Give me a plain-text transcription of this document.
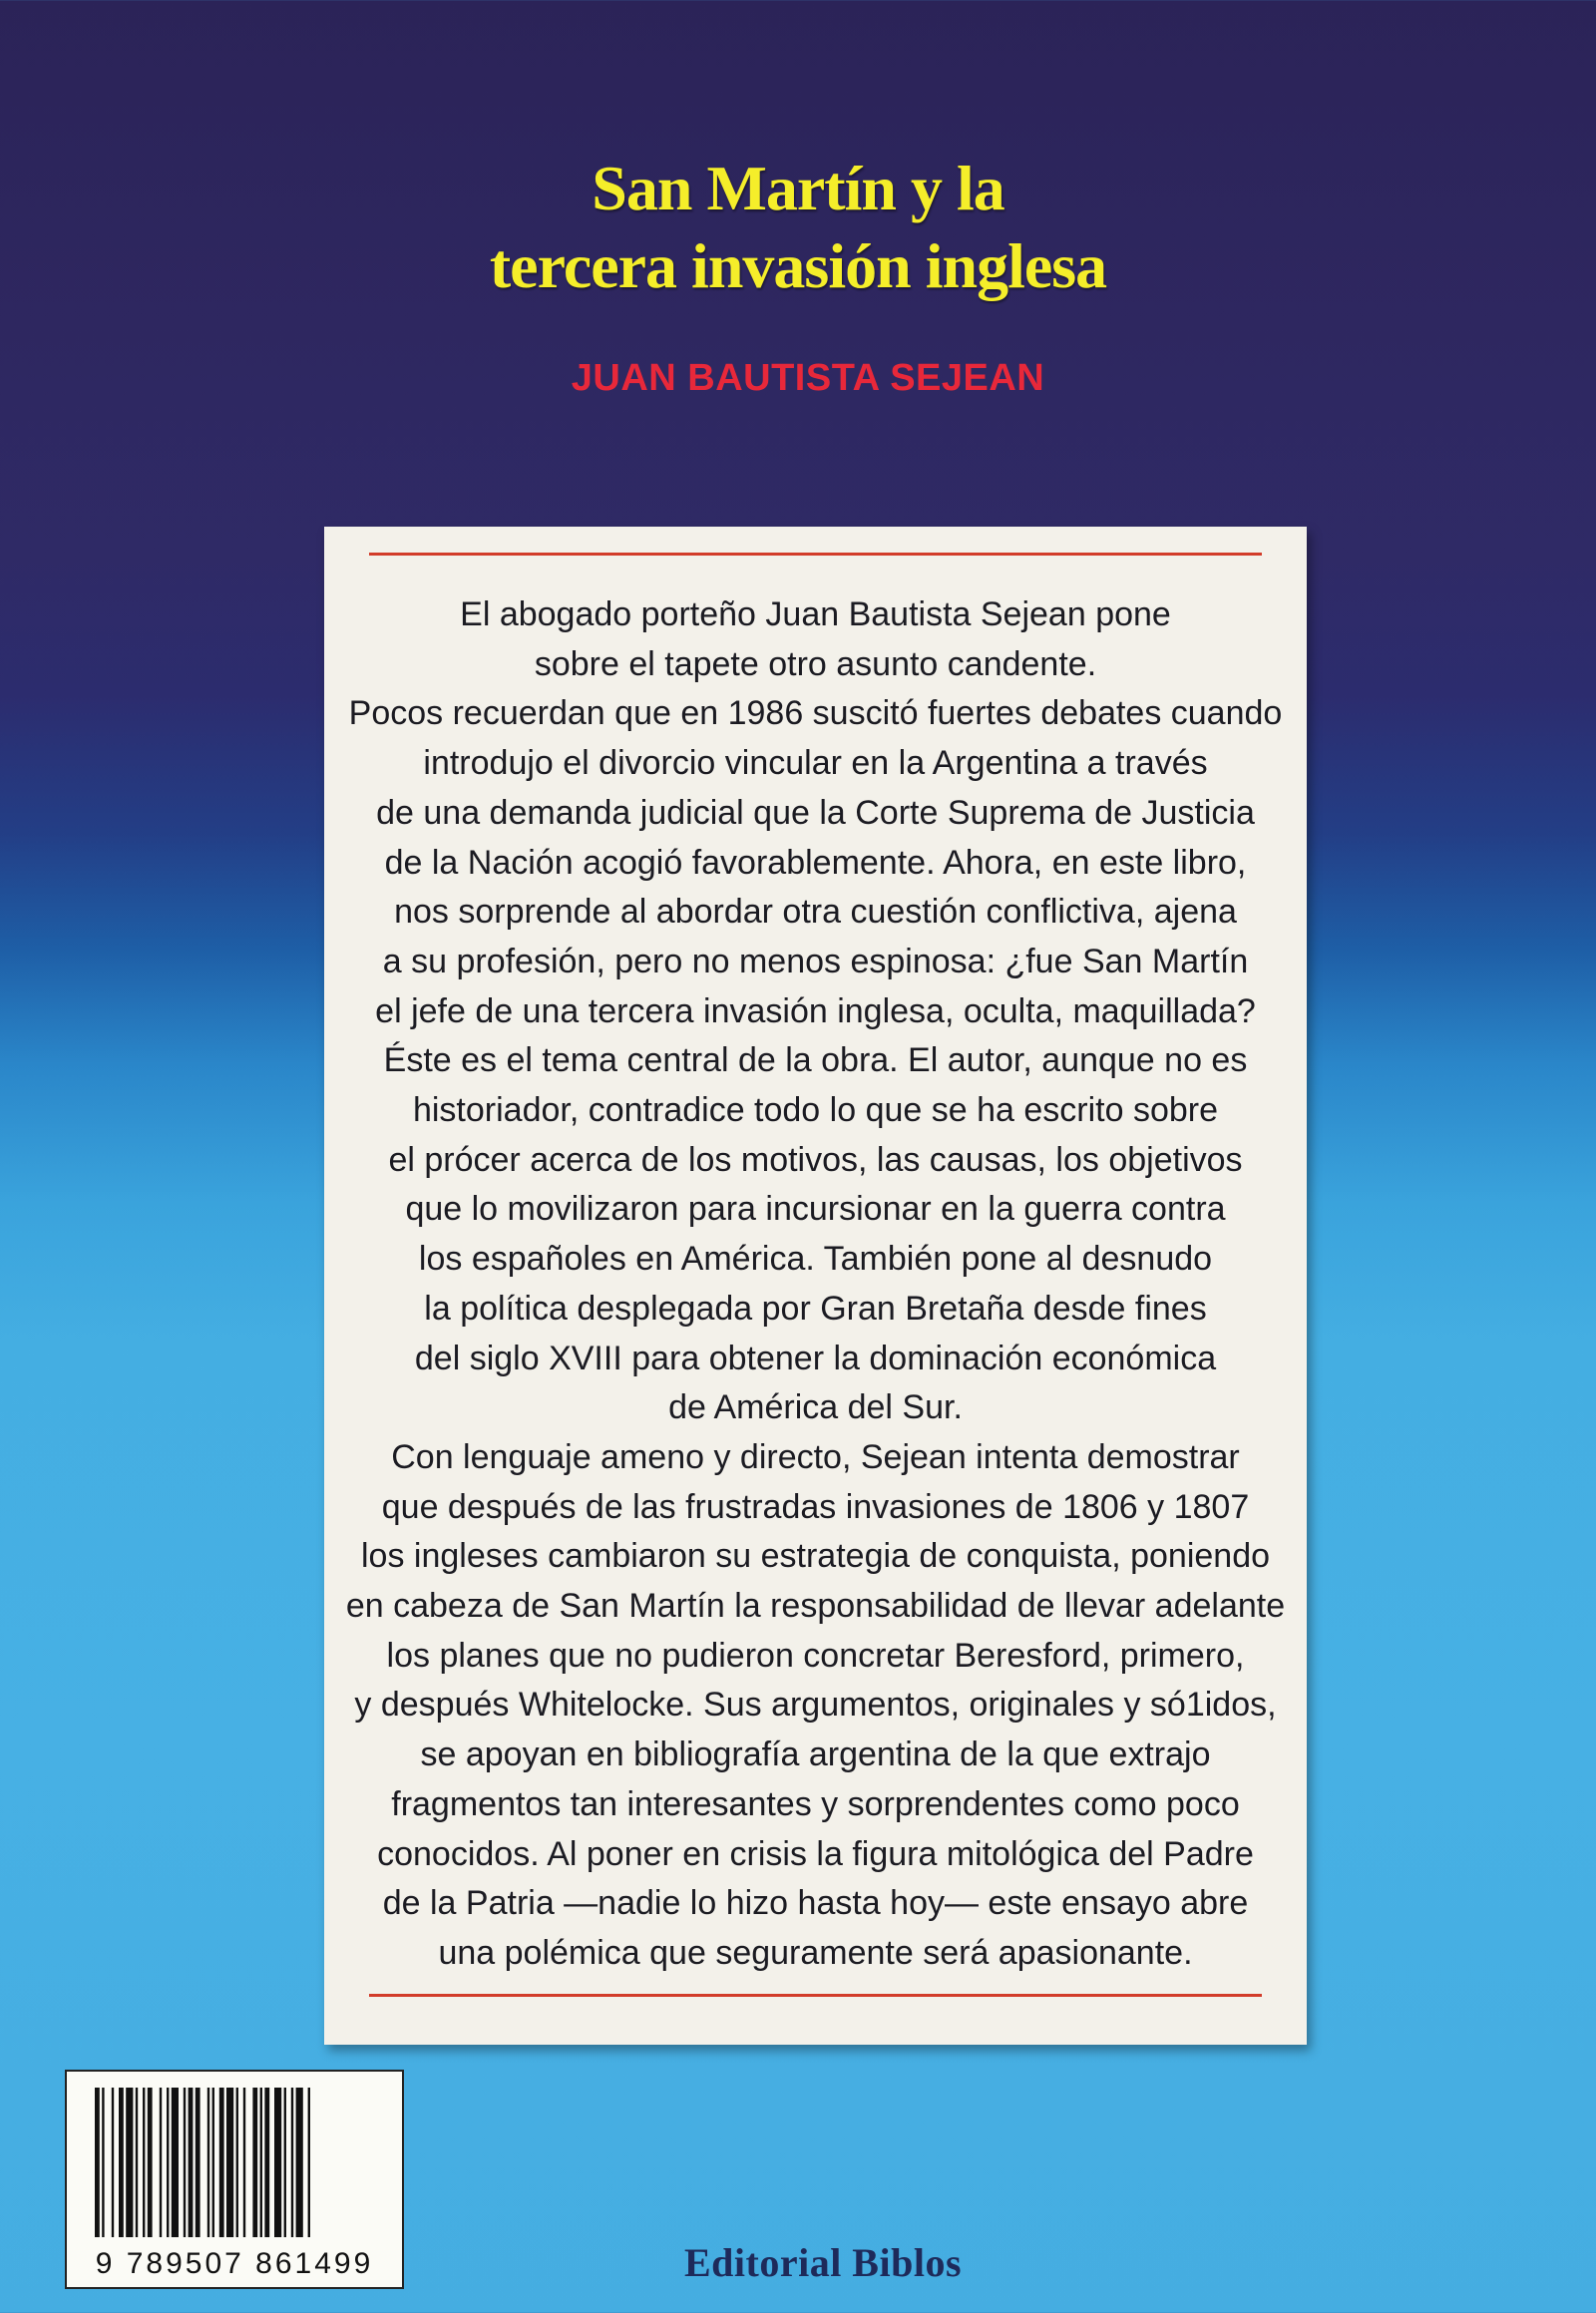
San Martín y la
tercera invasión inglesa
JUAN BAUTISTA SEJEAN
El abogado porteño Juan Bautista Sejean pone
sobre el tapete otro asunto candente.
Pocos recuerdan que en 1986 suscitó fuertes debates cuando
introdujo el divorcio vincular en la Argentina a través
de una demanda judicial que la Corte Suprema de Justicia
de la Nación acogió favorablemente. Ahora, en este libro,
nos sorprende al abordar otra cuestión conflictiva, ajena
a su profesión, pero no menos espinosa: ¿fue San Martín
el jefe de una tercera invasión inglesa, oculta, maquillada?
Éste es el tema central de la obra. El autor, aunque no es
historiador, contradice todo lo que se ha escrito sobre
el prócer acerca de los motivos, las causas, los objetivos
que lo movilizaron para incursionar en la guerra contra
los españoles en América. También pone al desnudo
la política desplegada por Gran Bretaña desde fines
del siglo XVIII para obtener la dominación económica
de América del Sur.
Con lenguaje ameno y directo, Sejean intenta demostrar
que después de las frustradas invasiones de 1806 y 1807
los ingleses cambiaron su estrategia de conquista, poniendo
en cabeza de San Martín la responsabilidad de llevar adelante
los planes que no pudieron concretar Beresford, primero,
y después Whitelocke. Sus argumentos, originales y só1idos,
se apoyan en bibliografía argentina de la que extrajo
fragmentos tan interesantes y sorprendentes como poco
conocidos. Al poner en crisis la figura mitológica del Padre
de la Patria —nadie lo hizo hasta hoy— este ensayo abre
una polémica que seguramente será apasionante.
9 789507 861499	Editorial Biblos
